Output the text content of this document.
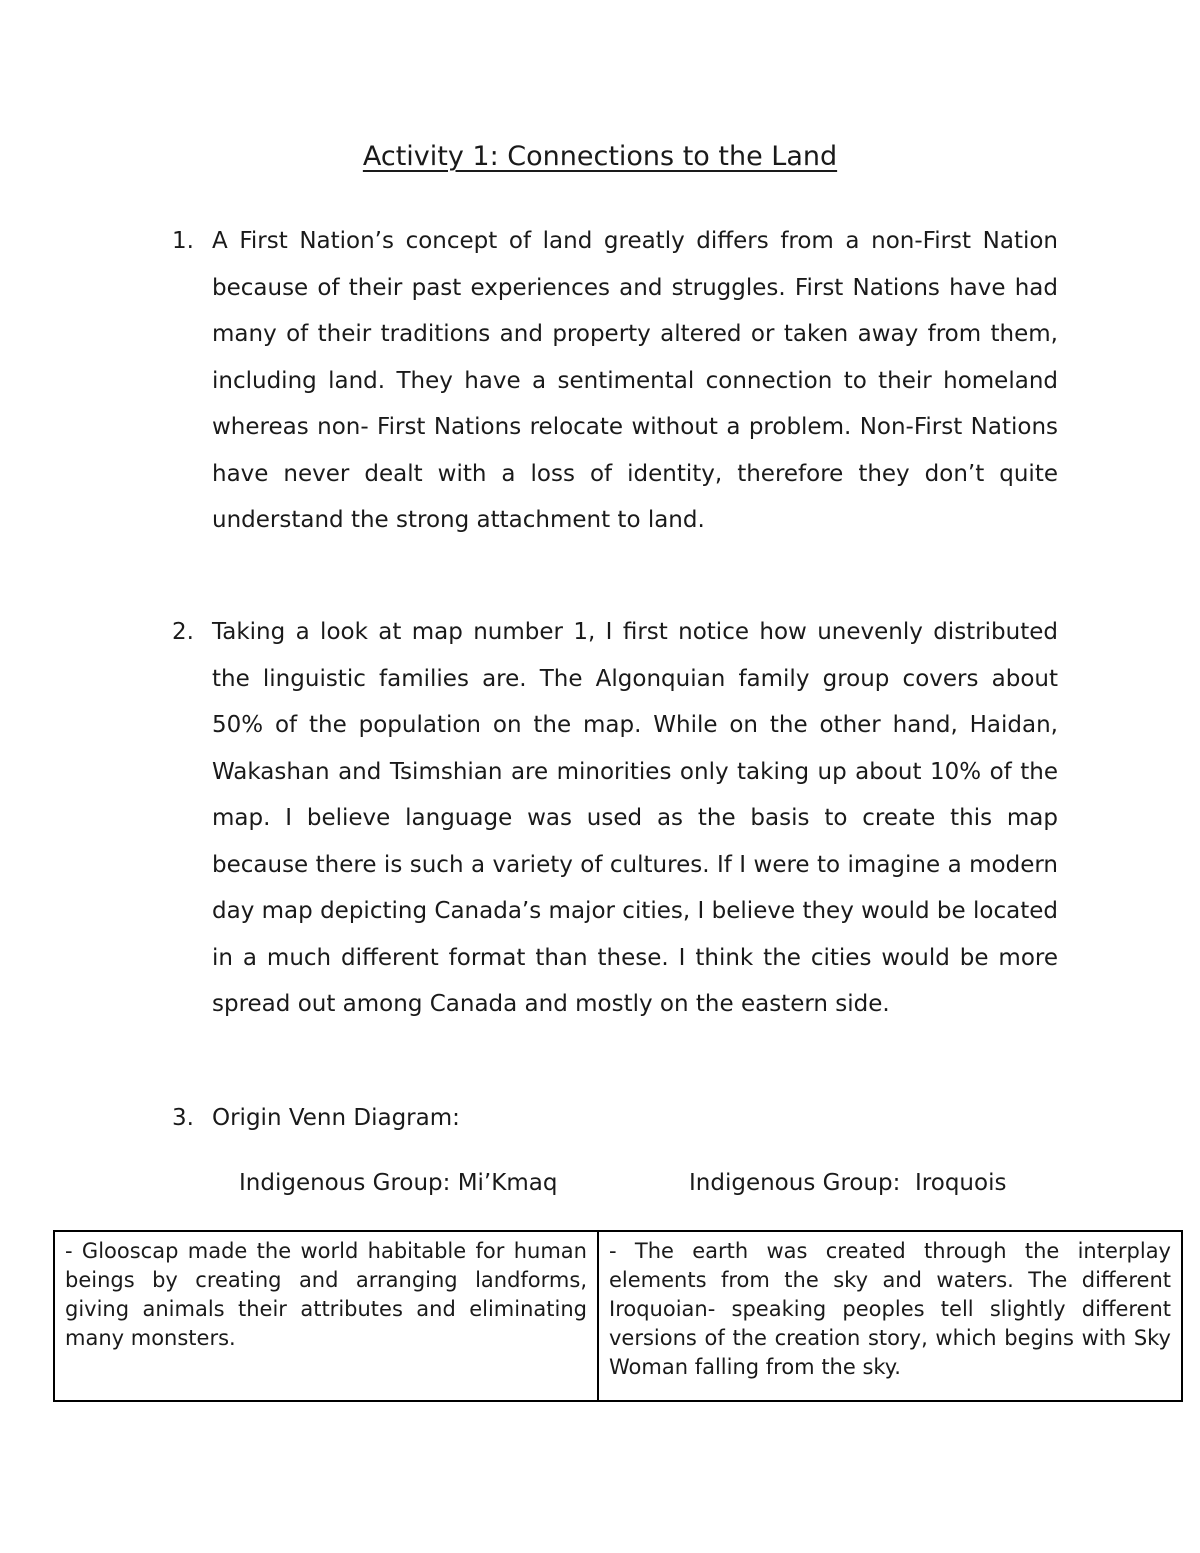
Activity 1: Connections to the Land
1. A First Nation’s concept of land greatly differs from a non-First Nation because of their past experiences and struggles. First Nations have had many of their traditions and property altered or taken away from them, including land. They have a sentimental connection to their homeland whereas non- First Nations relocate without a problem. Non-First Nations have never dealt with a loss of identity, therefore they don’t quite understand the strong attachment to land.
2. Taking a look at map number 1, I first notice how unevenly distributed the linguistic families are. The Algonquian family group covers about 50% of the population on the map. While on the other hand, Haidan, Wakashan and Tsimshian are minorities only taking up about 10% of the map. I believe language was used as the basis to create this map because there is such a variety of cultures. If I were to imagine a modern day map depicting Canada’s major cities, I believe they would be located in a much different format than these. I think the cities would be more spread out among Canada and mostly on the eastern side.
3. Origin Venn Diagram:
Indigenous Group: Mi’Kmaq	Indigenous Group:  Iroquois
- Glooscap made the world habitable for human beings by creating and arranging landforms, giving animals their attributes and eliminating many monsters.
- The earth was created through the interplay elements from the sky and waters. The different Iroquoian- speaking peoples tell slightly different versions of the creation story, which begins with Sky Woman falling from the sky.
